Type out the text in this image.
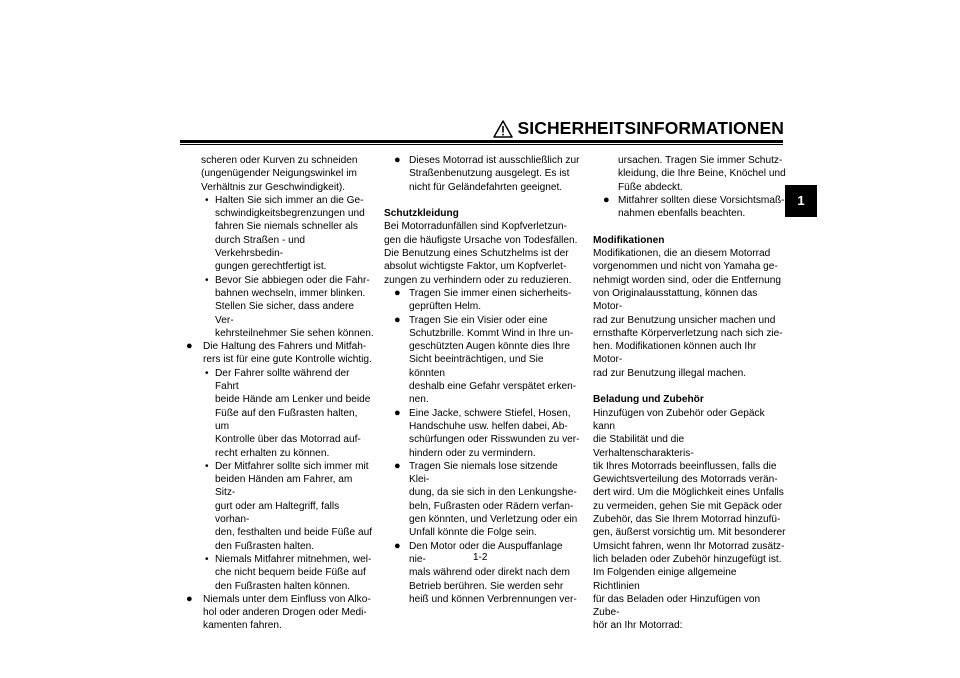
SICHERHEITSINFORMATIONEN
1
scheren oder Kurven zu schneiden
(ungenügender Neigungswinkel im
Verhältnis zur Geschwindigkeit).
• Halten Sie sich immer an die Ge-
schwindigkeitsbegrenzungen und
fahren Sie niemals schneller als
durch Straßen - und Verkehrsbedin-
gungen gerechtfertigt ist.
• Bevor Sie abbiegen oder die Fahr-
bahnen wechseln, immer blinken.
Stellen Sie sicher, dass andere Ver-
kehrsteilnehmer Sie sehen können.
● Die Haltung des Fahrers und Mitfah-
rers ist für eine gute Kontrolle wichtig.
• Der Fahrer sollte während der Fahrt
beide Hände am Lenker und beide
Füße auf den Fußrasten halten, um
Kontrolle über das Motorrad auf-
recht erhalten zu können.
• Der Mitfahrer sollte sich immer mit
beiden Händen am Fahrer, am Sitz-
gurt oder am Haltegriff, falls vorhan-
den, festhalten und beide Füße auf
den Fußrasten halten.
• Niemals Mitfahrer mitnehmen, wel-
che nicht bequem beide Füße auf
den Fußrasten halten können.
● Niemals unter dem Einfluss von Alko-
hol oder anderen Drogen oder Medi-
kamenten fahren.
● Dieses Motorrad ist ausschließlich zur
Straßenbenutzung ausgelegt. Es ist
nicht für Geländefahrten geeignet.
Schutzkleidung
Bei Motorradunfällen sind Kopfverletzun-
gen die häufigste Ursache von Todesfällen.
Die Benutzung eines Schutzhelms ist der
absolut wichtigste Faktor, um Kopfverlet-
zungen zu verhindern oder zu reduzieren.
● Tragen Sie immer einen sicherheits-
geprüften Helm.
● Tragen Sie ein Visier oder eine
Schutzbrille. Kommt Wind in Ihre un-
geschützten Augen könnte dies Ihre
Sicht beeinträchtigen, und Sie könnten
deshalb eine Gefahr verspätet erken-
nen.
● Eine Jacke, schwere Stiefel, Hosen,
Handschuhe usw. helfen dabei, Ab-
schürfungen oder Risswunden zu ver-
hindern oder zu vermindern.
● Tragen Sie niemals lose sitzende Klei-
dung, da sie sich in den Lenkungshe-
beln, Fußrasten oder Rädern verfan-
gen könnten, und Verletzung oder ein
Unfall könnte die Folge sein.
● Den Motor oder die Auspuffanlage nie-
mals während oder direkt nach dem
Betrieb berühren. Sie werden sehr
heiß und können Verbrennungen ver-
ursachen. Tragen Sie immer Schutz-
kleidung, die Ihre Beine, Knöchel und
Füße abdeckt.
● Mitfahrer sollten diese Vorsichtsmaß-
nahmen ebenfalls beachten.
Modifikationen
Modifikationen, die an diesem Motorrad
vorgenommen und nicht von Yamaha ge-
nehmigt worden sind, oder die Entfernung
von Originalausstattung, können das Motor-
rad zur Benutzung unsicher machen und
ernsthafte Körperverletzung nach sich zie-
hen. Modifikationen können auch Ihr Motor-
rad zur Benutzung illegal machen.
Beladung und Zubehör
Hinzufügen von Zubehör oder Gepäck kann
die Stabilität und die Verhaltenscharakteris-
tik Ihres Motorrads beeinflussen, falls die
Gewichtsverteilung des Motorrads verän-
dert wird. Um die Möglichkeit eines Unfalls
zu vermeiden, gehen Sie mit Gepäck oder
Zubehör, das Sie Ihrem Motorrad hinzufü-
gen, äußerst vorsichtig um. Mit besonderer
Umsicht fahren, wenn Ihr Motorrad zusätz-
lich beladen oder Zubehör hinzugefügt ist.
Im Folgenden einige allgemeine Richtlinien
für das Beladen oder Hinzufügen von Zube-
hör an Ihr Motorrad:
1-2
